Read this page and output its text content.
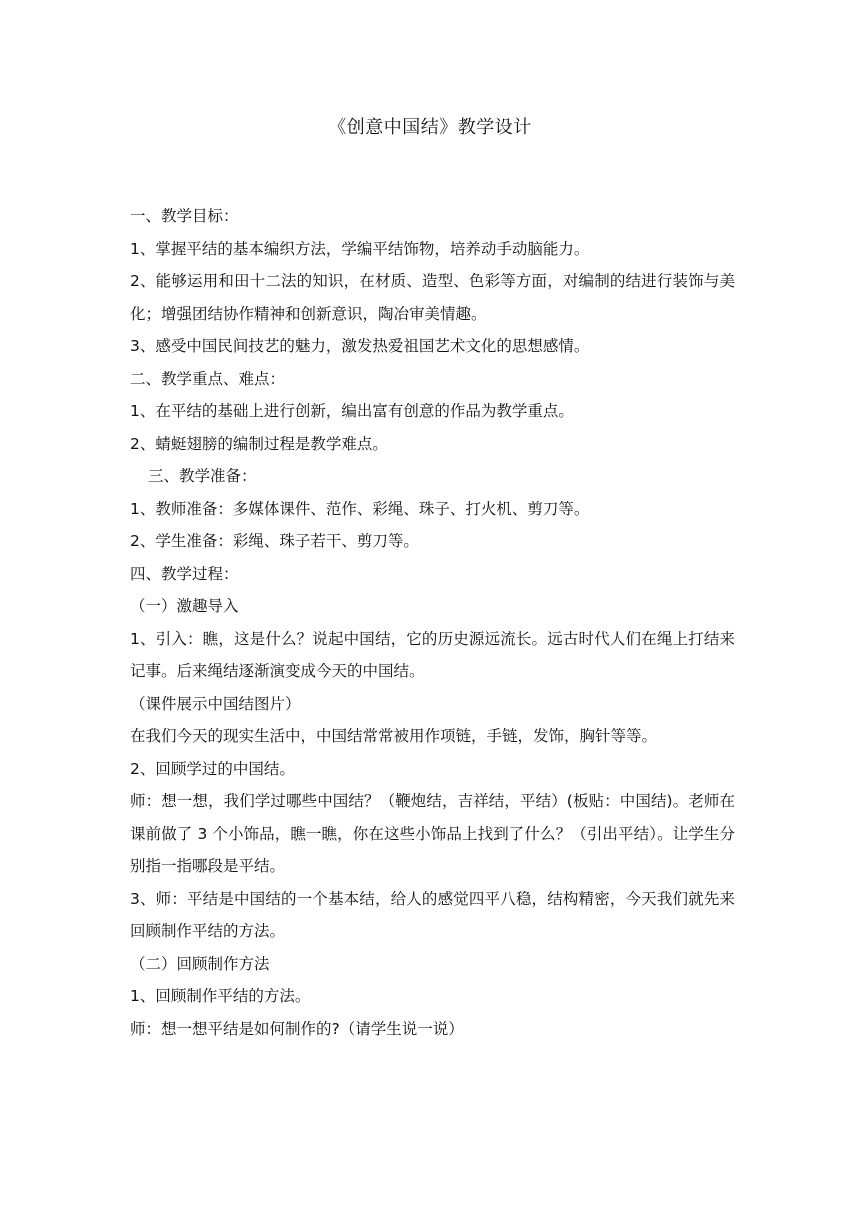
《创意中国结》教学设计

一、教学目标：

1、掌握平结的基本编织方法，学编平结饰物，培养动手动脑能力。

2、能够运用和田十二法的知识，在材质、造型、色彩等方面，对编制的结进行装饰与美化；增强团结协作精神和创新意识，陶冶审美情趣。

3、感受中国民间技艺的魅力，激发热爱祖国艺术文化的思想感情。

二、教学重点、难点：

1、在平结的基础上进行创新，编出富有创意的作品为教学重点。

2、蜻蜓翅膀的编制过程是教学难点。

三、教学准备：

1、教师准备：多媒体课件、范作、彩绳、珠子、打火机、剪刀等。

2、学生准备：彩绳、珠子若干、剪刀等。

四、教学过程：

（一）激趣导入

1、引入：瞧，这是什么？说起中国结，它的历史源远流长。远古时代人们在绳上打结来记事。后来绳结逐渐演变成今天的中国结。

（课件展示中国结图片）

在我们今天的现实生活中，中国结常常被用作项链，手链，发饰，胸针等等。

2、回顾学过的中国结。

师：想一想，我们学过哪些中国结？（鞭炮结，吉祥结，平结）(板贴：中国结)。老师在课前做了 3 个小饰品，瞧一瞧，你在这些小饰品上找到了什么？（引出平结）。让学生分别指一指哪段是平结。

3、师：平结是中国结的一个基本结，给人的感觉四平八稳，结构精密，今天我们就先来回顾制作平结的方法。

（二）回顾制作方法

1、回顾制作平结的方法。

师：想一想平结是如何制作的?（请学生说一说）
